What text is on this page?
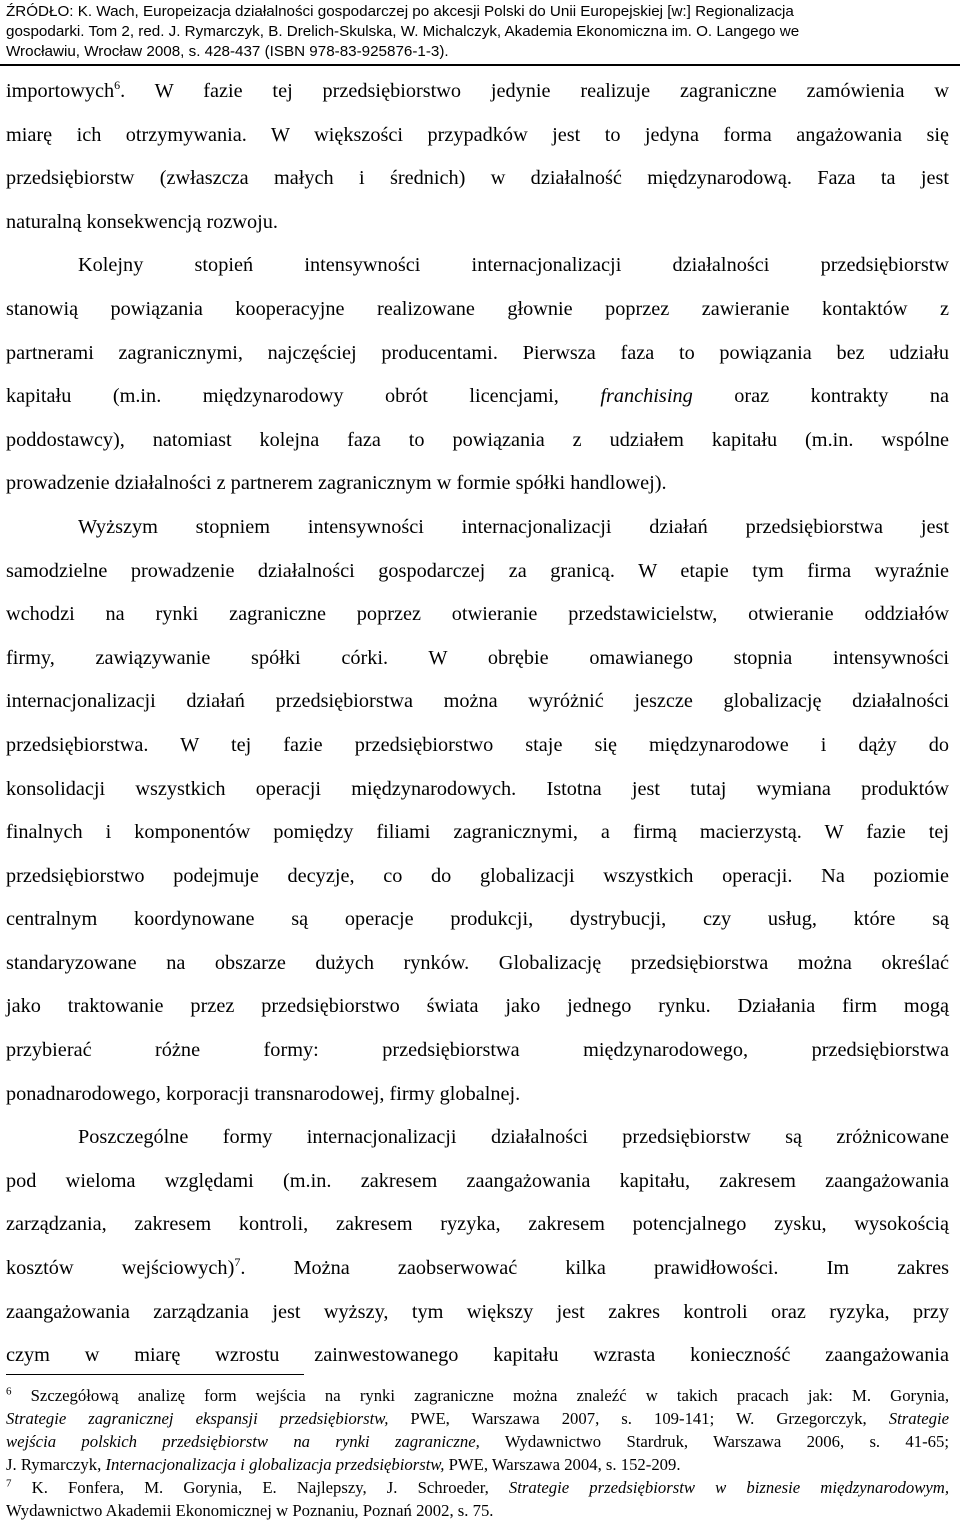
ŹRÓDŁO: K. Wach, Europeizacja działalności gospodarczej po akcesji Polski do Unii Europejskiej [w:] Regionalizacja
gospodarki. Tom 2, red. J. Rymarczyk, B. Drelich-Skulska, W. Michalczyk, Akademia Ekonomiczna im. O. Langego we
Wrocławiu, Wrocław 2008, s. 428-437 (ISBN 978-83-925876-1-3).
importowych$^6$. W fazie tej przedsiębiorstwo jedynie realizuje zagraniczne zamówienia w
miarę ich otrzymywania. W większości przypadków jest to jedyna forma angażowania się
przedsiębiorstw (zwłaszcza małych i średnich) w działalność międzynarodową. Faza ta jest
naturalną konsekwencją rozwoju.
Kolejny stopień intensywności internacjonalizacji działalności przedsiębiorstw
stanowią powiązania kooperacyjne realizowane głownie poprzez zawieranie kontaktów z
partnerami zagranicznymi, najczęściej producentami. Pierwsza faza to powiązania bez udziału
kapitału (m.in. międzynarodowy obrót licencjami, franchising oraz kontrakty na
poddostawcy), natomiast kolejna faza to powiązania z udziałem kapitału (m.in. wspólne
prowadzenie działalności z partnerem zagranicznym w formie spółki handlowej).
Wyższym stopniem intensywności internacjonalizacji działań przedsiębiorstwa jest
samodzielne prowadzenie działalności gospodarczej za granicą. W etapie tym firma wyraźnie
wchodzi na rynki zagraniczne poprzez otwieranie przedstawicielstw, otwieranie oddziałów
firmy, zawiązywanie spółki córki. W obrębie omawianego stopnia intensywności
internacjonalizacji działań przedsiębiorstwa można wyróżnić jeszcze globalizację działalności
przedsiębiorstwa. W tej fazie przedsiębiorstwo staje się międzynarodowe i dąży do
konsolidacji wszystkich operacji międzynarodowych. Istotna jest tutaj wymiana produktów
finalnych i komponentów pomiędzy filiami zagranicznymi, a firmą macierzystą. W fazie tej
przedsiębiorstwo podejmuje decyzje, co do globalizacji wszystkich operacji. Na poziomie
centralnym koordynowane są operacje produkcji, dystrybucji, czy usług, które są
standaryzowane na obszarze dużych rynków. Globalizację przedsiębiorstwa można określać
jako traktowanie przez przedsiębiorstwo świata jako jednego rynku. Działania firm mogą
przybierać różne formy: przedsiębiorstwa międzynarodowego, przedsiębiorstwa
ponadnarodowego, korporacji transnarodowej, firmy globalnej.
Poszczególne formy internacjonalizacji działalności przedsiębiorstw są zróżnicowane
pod wieloma względami (m.in. zakresem zaangażowania kapitału, zakresem zaangażowania
zarządzania, zakresem kontroli, zakresem ryzyka, zakresem potencjalnego zysku, wysokością
kosztów wejściowych)$^7$. Można zaobserwować kilka prawidłowości. Im zakres
zaangażowania zarządzania jest wyższy, tym większy jest zakres kontroli oraz ryzyka, przy
czym w miarę wzrostu zainwestowanego kapitału wzrasta konieczność zaangażowania
$^6$ Szczegółową analizę form wejścia na rynki zagraniczne można znaleźć w takich pracach jak: M. Gorynia,
Strategie zagranicznej ekspansji przedsiębiorstw, PWE, Warszawa 2007, s. 109-141; W. Grzegorczyk, Strategie
wejścia polskich przedsiębiorstw na rynki zagraniczne, Wydawnictwo Stardruk, Warszawa 2006, s. 41-65;
J. Rymarczyk, Internacjonalizacja i globalizacja przedsiębiorstw, PWE, Warszawa 2004, s. 152-209.
$^7$ K. Fonfera, M. Gorynia, E. Najlepszy, J. Schroeder, Strategie przedsiębiorstw w biznesie międzynarodowym,
Wydawnictwo Akademii Ekonomicznej w Poznaniu, Poznań 2002, s. 75.
